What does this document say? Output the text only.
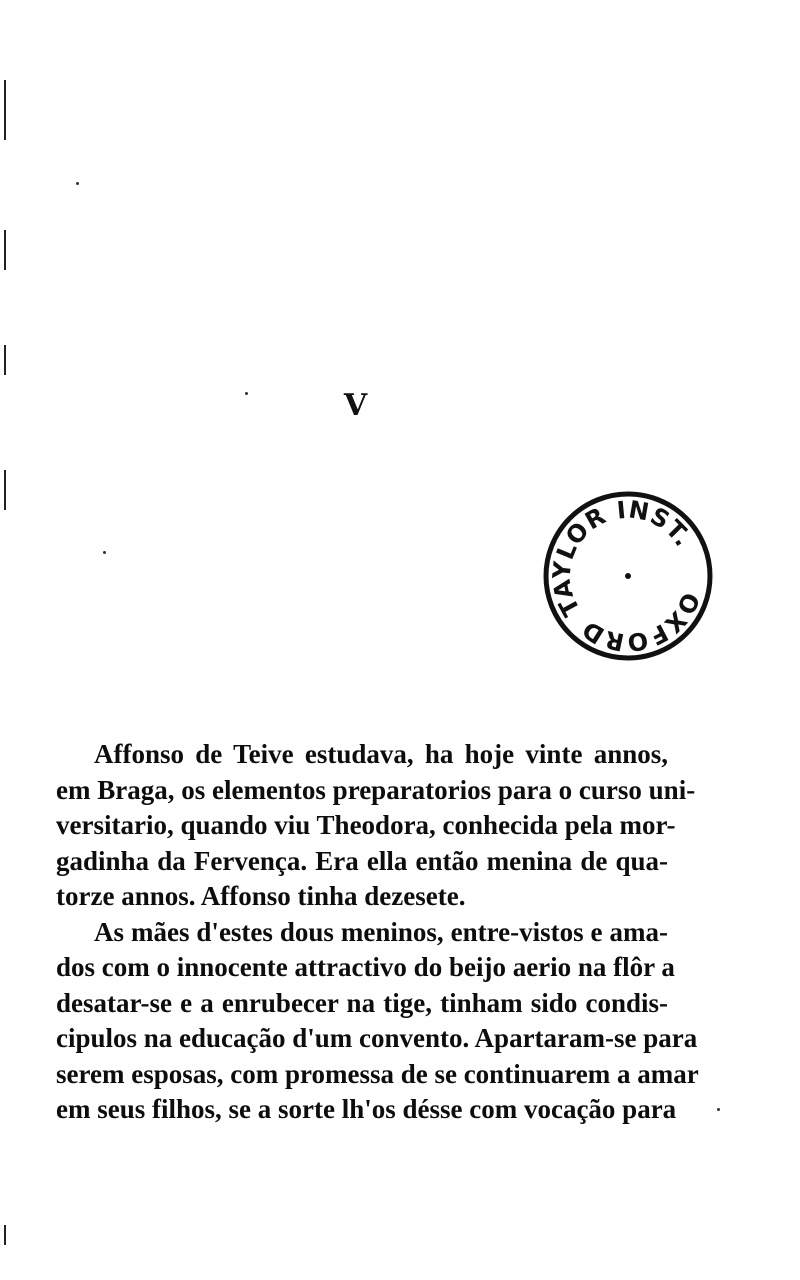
V
OXFORD
TAYLOR INST.
Affonso de Teive estudava, ha hoje vinte annos,
em Braga, os elementos preparatorios para o curso uni-
versitario, quando viu Theodora, conhecida pela mor-
gadinha da Fervença. Era ella então menina de qua-
torze annos. Affonso tinha dezesete.
As mães d'estes dous meninos, entre-vistos e ama-
dos com o innocente attractivo do beijo aerio na flôr a
desatar-se e a enrubecer na tige, tinham sido condis-
cipulos na educação d'um convento. Apartaram-se para
serem esposas, com promessa de se continuarem a amar
em seus filhos, se a sorte lh'os désse com vocação para
